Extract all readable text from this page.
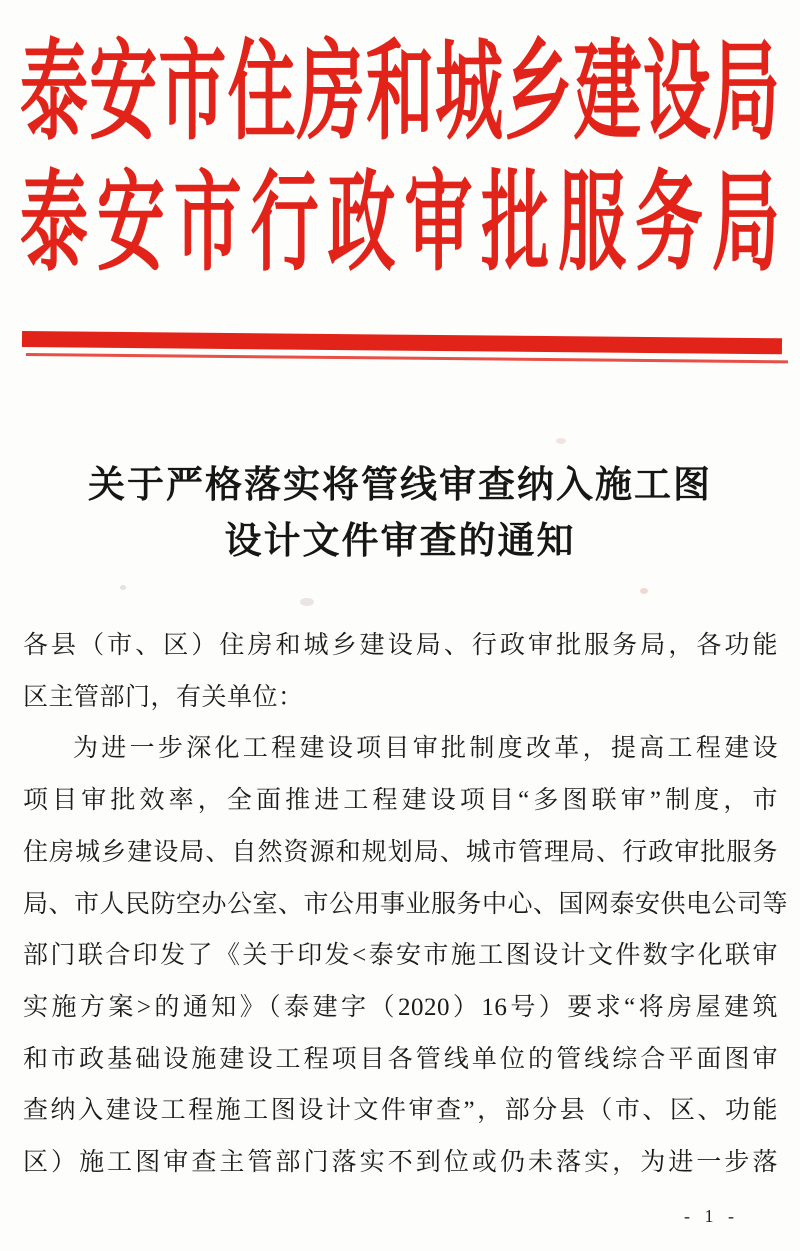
泰 安 市 住 房 和 城 乡 建 设 局
泰 安 市 行 政 审 批 服 务 局
关于严格落实将管线审查纳入施工图
设计文件审查的通知
各县（市、区）住房和城乡建设局、行政审批服务局，各功能
区主管部门，有关单位：
为进一步深化工程建设项目审批制度改革，提高工程建设
项目审批效率，全面推进工程建设项目“多图联审”制度，市
住房城乡建设局、自然资源和规划局、城市管理局、行政审批服务
局、市人民防空办公室、市公用事业服务中心、国网泰安供电公司等
部门联合印发了《关于印发<泰安市施工图设计文件数字化联审
实施方案>的通知》（泰建字（2020）16号）要求“将房屋建筑
和市政基础设施建设工程项目各管线单位的管线综合平面图审
查纳入建设工程施工图设计文件审查”，部分县（市、区、功能
区）施工图审查主管部门落实不到位或仍未落实，为进一步落
- 1 -
